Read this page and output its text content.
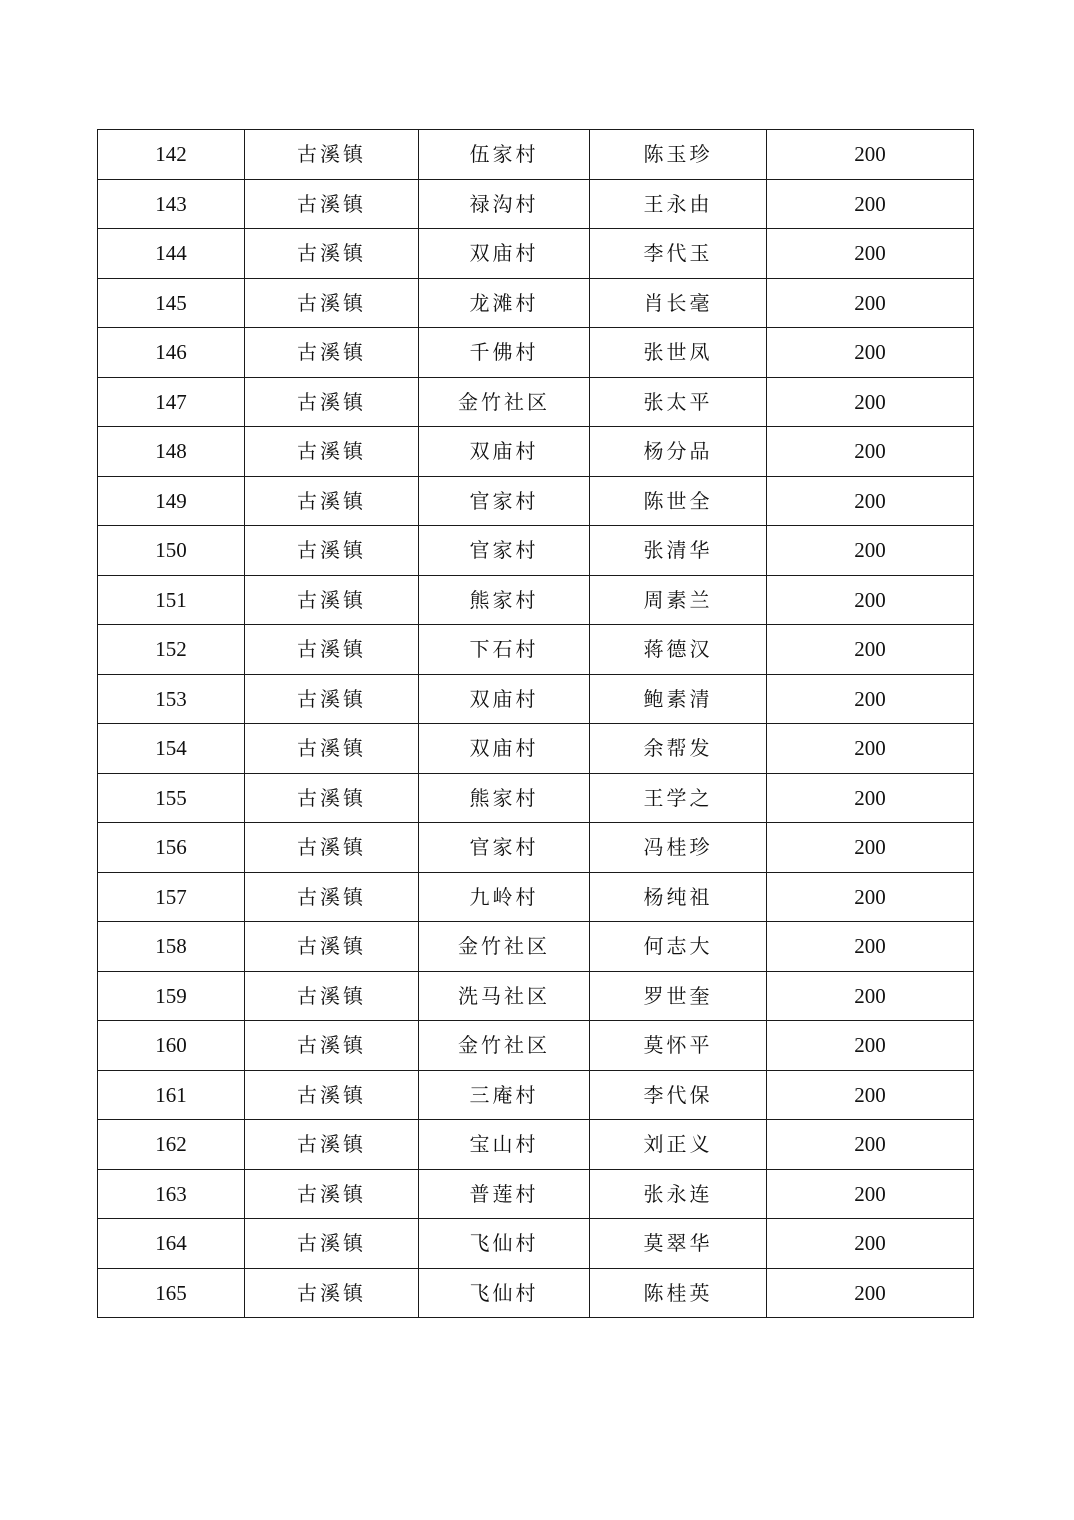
142	古溪镇	伍家村	陈玉珍	200
143	古溪镇	禄沟村	王永由	200
144	古溪镇	双庙村	李代玉	200
145	古溪镇	龙滩村	肖长毫	200
146	古溪镇	千佛村	张世凤	200
147	古溪镇	金竹社区	张太平	200
148	古溪镇	双庙村	杨分品	200
149	古溪镇	官家村	陈世全	200
150	古溪镇	官家村	张清华	200
151	古溪镇	熊家村	周素兰	200
152	古溪镇	下石村	蒋德汉	200
153	古溪镇	双庙村	鲍素清	200
154	古溪镇	双庙村	余帮发	200
155	古溪镇	熊家村	王学之	200
156	古溪镇	官家村	冯桂珍	200
157	古溪镇	九岭村	杨纯祖	200
158	古溪镇	金竹社区	何志大	200
159	古溪镇	洗马社区	罗世奎	200
160	古溪镇	金竹社区	莫怀平	200
161	古溪镇	三庵村	李代保	200
162	古溪镇	宝山村	刘正义	200
163	古溪镇	普莲村	张永连	200
164	古溪镇	飞仙村	莫翠华	200
165	古溪镇	飞仙村	陈桂英	200
